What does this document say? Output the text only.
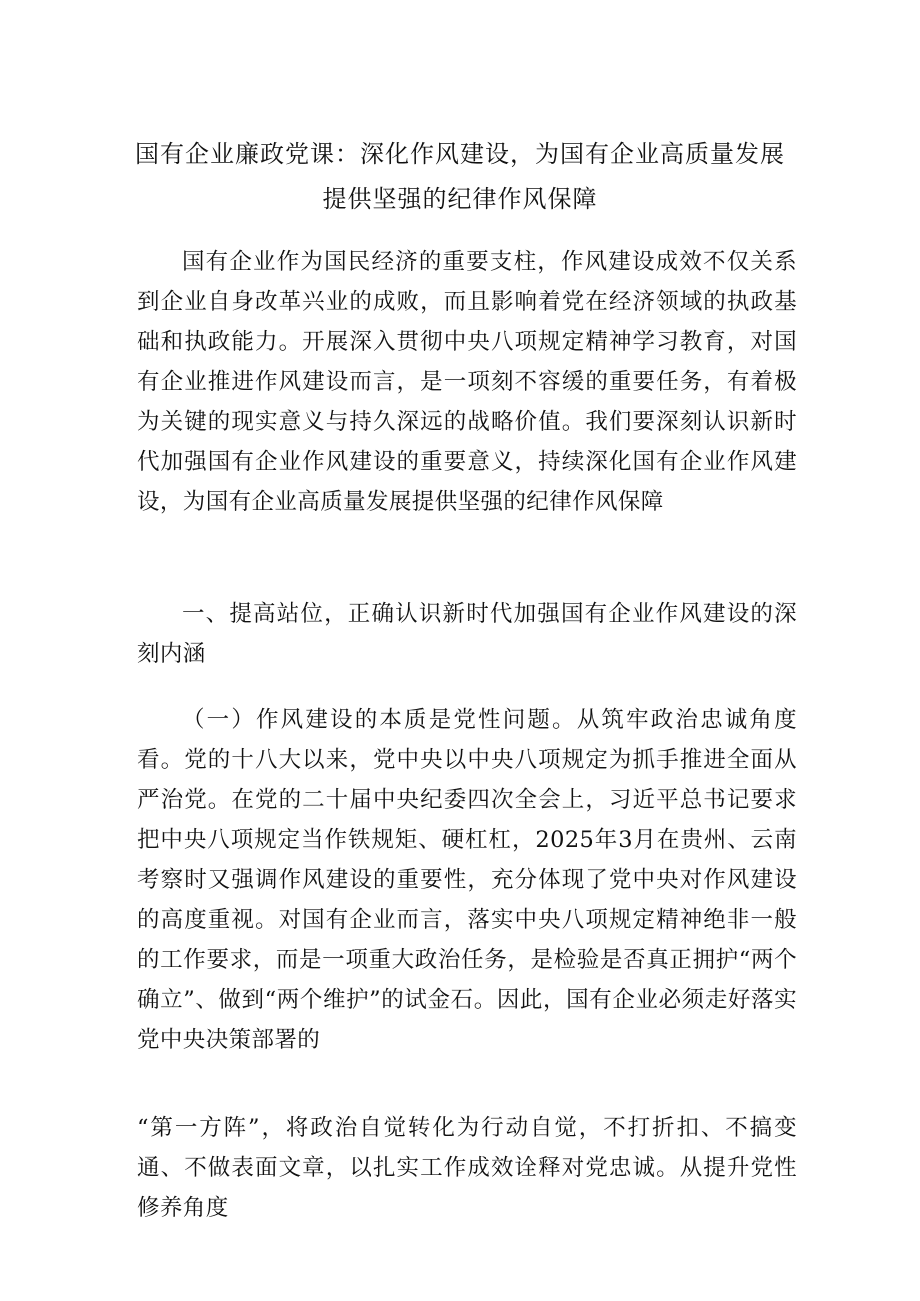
国有企业廉政党课：深化作风建设，为国有企业高质量发展
提供坚强的纪律作风保障

国有企业作为国民经济的重要支柱，作风建设成效不仅关系到企业自身改革兴业的成败，而且影响着党在经济领域的执政基础和执政能力。开展深入贯彻中央八项规定精神学习教育，对国有企业推进作风建设而言，是一项刻不容缓的重要任务，有着极为关键的现实意义与持久深远的战略价值。我们要深刻认识新时代加强国有企业作风建设的重要意义，持续深化国有企业作风建设，为国有企业高质量发展提供坚强的纪律作风保障

一、提高站位，正确认识新时代加强国有企业作风建设的深刻内涵

（一）作风建设的本质是党性问题。从筑牢政治忠诚角度看。党的十八大以来，党中央以中央八项规定为抓手推进全面从严治党。在党的二十届中央纪委四次全会上，习近平总书记要求把中央八项规定当作铁规矩、硬杠杠，2025年3月在贵州、云南考察时又强调作风建设的重要性，充分体现了党中央对作风建设的高度重视。对国有企业而言，落实中央八项规定精神绝非一般的工作要求，而是一项重大政治任务，是检验是否真正拥护“两个确立”、做到“两个维护”的试金石。因此，国有企业必须走好落实党中央决策部署的

“第一方阵”，将政治自觉转化为行动自觉，不打折扣、不搞变通、不做表面文章，以扎实工作成效诠释对党忠诚。从提升党性修养角度
